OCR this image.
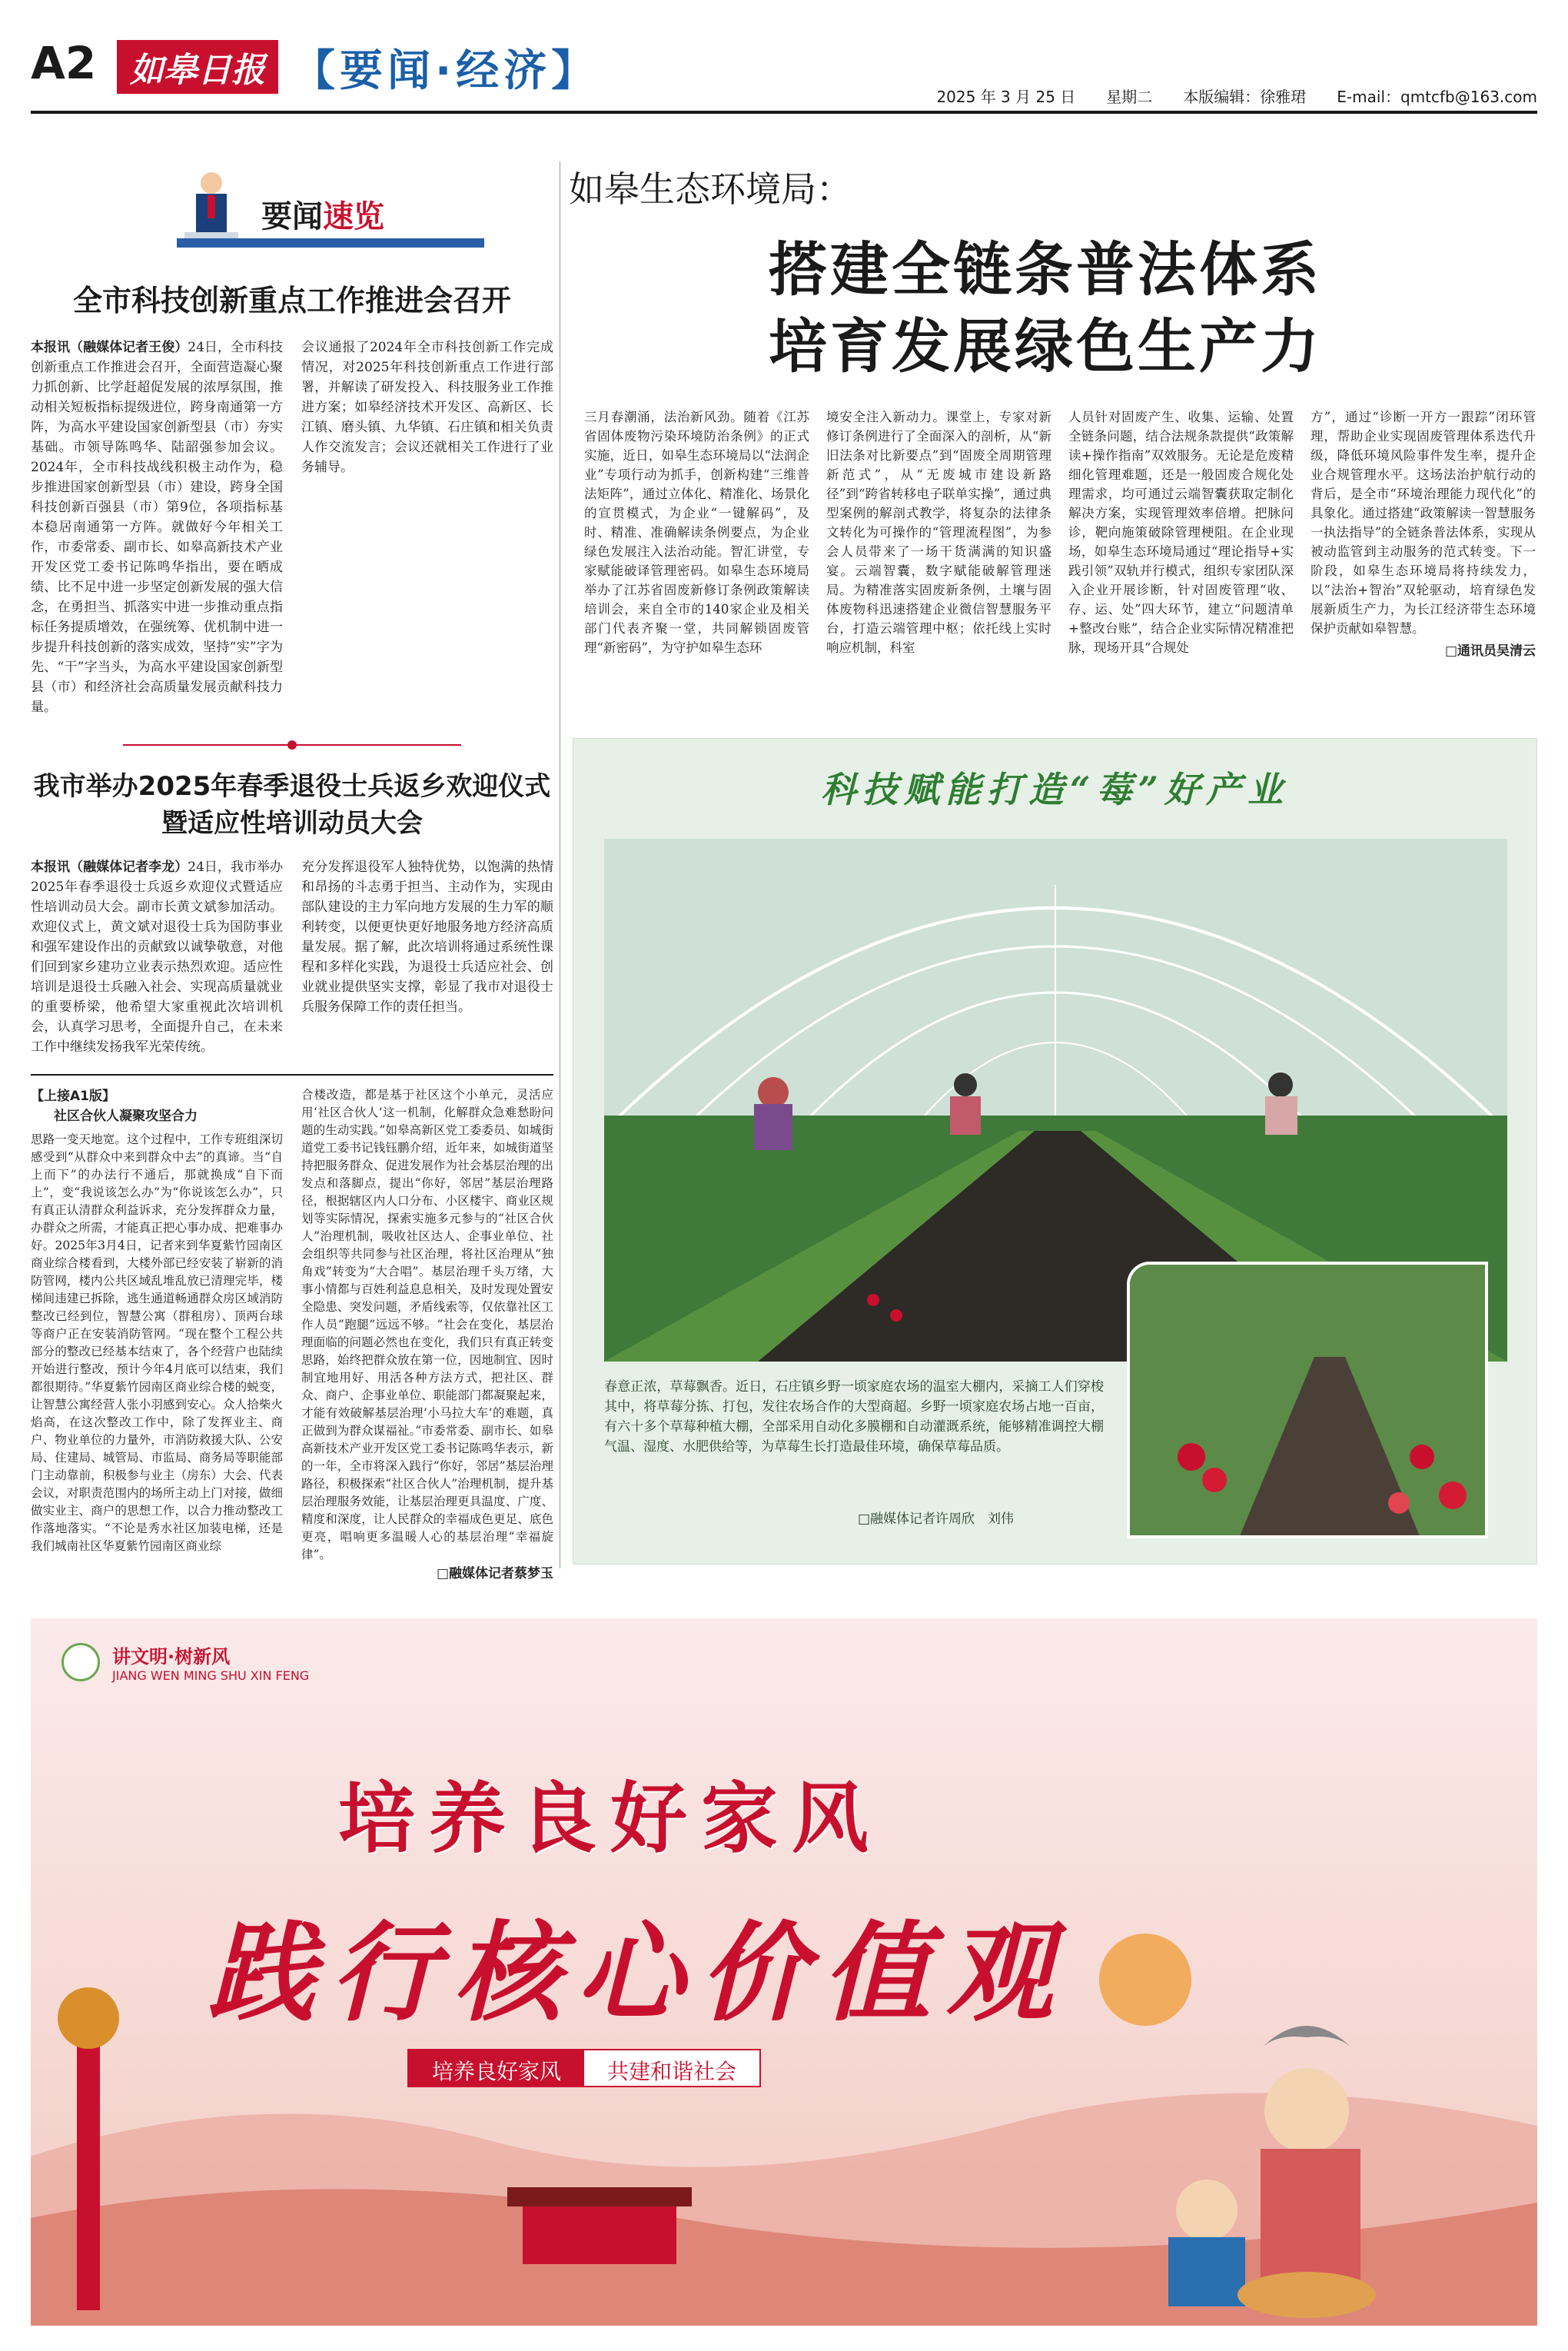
A2 如皋日报 【要闻·经济】
2025 年 3 月 25 日 星期二 本版编辑：徐雅珺 E-mail：qmtcfb@163.com
要闻速览
全市科技创新重点工作推进会召开

本报讯（融媒体记者王俊）24日，全市科技创新重点工作推进会召开，全面营造凝心聚力抓创新、比学赶超促发展的浓厚氛围，推动相关短板指标提级进位，跨身南通第一方阵，为高水平建设国家创新型县（市）夯实基础。市领导陈鸣华、陆韶强参加会议。2024年，全市科技战线积极主动作为，稳步推进国家创新型县（市）建设，跨身全国科技创新百强县（市）第9位，各项指标基本稳居南通第一方阵。就做好今年相关工作，市委常委、副市长、如皋高新技术产业开发区党工委书记陈鸣华指出，要在晒成绩、比不足中进一步坚定创新发展的强大信念，在勇担当、抓落实中进一步推动重点指标任务提质增效，在强统筹、优机制中进一步提升科技创新的落实成效，坚持“实”字为先、“干”字当头，为高水平建设国家创新型县（市）和经济社会高质量发展贡献科技力量。

会议通报了2024年全市科技创新工作完成情况，对2025年科技创新重点工作进行部署，并解读了研发投入、科技服务业工作推进方案；如皋经济技术开发区、高新区、长江镇、磨头镇、九华镇、石庄镇和相关负责人作交流发言；会议还就相关工作进行了业务辅导。

我市举办2025年春季退役士兵返乡欢迎仪式
暨适应性培训动员大会

本报讯（融媒体记者李龙）24日，我市举办2025年春季退役士兵返乡欢迎仪式暨适应性培训动员大会。副市长黄文斌参加活动。欢迎仪式上，黄文斌对退役士兵为国防事业和强军建设作出的贡献致以诚挚敬意，对他们回到家乡建功立业表示热烈欢迎。适应性培训是退役士兵融入社会、实现高质量就业的重要桥梁，他希望大家重视此次培训机会，认真学习思考，全面提升自己，在未来工作中继续发扬我军光荣传统。

充分发挥退役军人独特优势，以饱满的热情和昂扬的斗志勇于担当、主动作为，实现由部队建设的主力军向地方发展的生力军的顺利转变，以便更快更好地服务地方经济高质量发展。据了解，此次培训将通过系统性课程和多样化实践，为退役士兵适应社会、创业就业提供坚实支撑，彰显了我市对退役士兵服务保障工作的责任担当。

【上接A1版】
社区合伙人凝聚攻坚合力

思路一变天地宽。这个过程中，工作专班组深切感受到“从群众中来到群众中去”的真谛。当“自上而下”的办法行不通后，那就换成“自下而上”，变“我说该怎么办”为“你说该怎么办”，只有真正认清群众利益诉求，充分发挥群众力量，办群众之所需，才能真正把心事办成、把难事办好。2025年3月4日，记者来到华夏紫竹园南区商业综合楼看到，大楼外部已经安装了崭新的消防管网，楼内公共区域乱堆乱放已清理完毕，楼梯间违建已拆除，逃生通道畅通群众房区域消防整改已经到位，智慧公寓（群租房）、顶两台球等商户正在安装消防管网。“现在整个工程公共部分的整改已经基本结束了，各个经营户也陆续开始进行整改，预计今年4月底可以结束，我们都很期待。”华夏紫竹园南区商业综合楼的蜕变，让智慧公寓经营人张小羽感到安心。众人拾柴火焰高，在这次整改工作中，除了发挥业主、商户、物业单位的力量外，市消防救援大队、公安局、住建局、城管局、市监局、商务局等职能部门主动靠前，积极参与业主（房东）大会、代表会议，对职责范围内的场所主动上门对接，做细做实业主、商户的思想工作，以合力推动整改工作落地落实。“不论是秀水社区加装电梯，还是我们城南社区华夏紫竹园南区商业综

合楼改造，都是基于社区这个小单元，灵活应用‘社区合伙人’这一机制，化解群众急难愁盼问题的生动实践。”如皋高新区党工委委员、如城街道党工委书记钱钰鹏介绍，近年来，如城街道坚持把服务群众、促进发展作为社会基层治理的出发点和落脚点，提出“你好，邻居”基层治理路径，根据辖区内人口分布、小区楼宇、商业区规划等实际情况，探索实施多元参与的“社区合伙人”治理机制，吸收社区达人、企事业单位、社会组织等共同参与社区治理，将社区治理从“独角戏”转变为“大合唱”。基层治理千头万绪，大事小情都与百姓利益息息相关，及时发现处置安全隐患、突发问题，矛盾线索等，仅依靠社区工作人员“跑腿”远远不够。“社会在变化，基层治理面临的问题必然也在变化，我们只有真正转变思路，始终把群众放在第一位，因地制宜、因时制宜地用好、用活各种方法方式，把社区、群众、商户、企事业单位、职能部门都凝聚起来，才能有效破解基层治理‘小马拉大车’的难题，真正做到为群众谋福祉。”市委常委、副市长、如皋高新技术产业开发区党工委书记陈鸣华表示，新的一年，全市将深入践行“你好，邻居”基层治理路径，积极探索“社区合伙人”治理机制，提升基层治理服务效能，让基层治理更具温度、广度、精度和深度，让人民群众的幸福成色更足、底色更亮，唱响更多温暖人心的基层治理“幸福旋律”。

□融媒体记者蔡梦玉
如皋生态环境局：
搭建全链条普法体系
培育发展绿色生产力

三月春潮涌，法治新风劲。随着《江苏省固体废物污染环境防治条例》的正式实施，近日，如皋生态环境局以“法润企业”专项行动为抓手，创新构建“三维普法矩阵”，通过立体化、精准化、场景化的宣贯模式，为企业“一键解码”，及时、精准、准确解读条例要点，为企业绿色发展注入法治动能。智汇讲堂，专家赋能破译管理密码。如皋生态环境局举办了江苏省固废新修订条例政策解读培训会，来自全市的140家企业及相关部门代表齐聚一堂，共同解锁固废管理“新密码”，为守护如皋生态环

境安全注入新动力。课堂上，专家对新修订条例进行了全面深入的剖析，从“新旧法条对比新要点”到“固废全周期管理新范式”，从“无废城市建设新路径”到“跨省转移电子联单实操”，通过典型案例的解剖式教学，将复杂的法律条文转化为可操作的“管理流程图”，为参会人员带来了一场干货满满的知识盛宴。云端智囊，数字赋能破解管理迷局。为精准落实固废新条例，土壤与固体废物科迅速搭建企业微信智慧服务平台，打造云端管理中枢；依托线上实时响应机制，科室

人员针对固废产生、收集、运输、处置全链条问题，结合法规条款提供“政策解读+操作指南”双效服务。无论是危废精细化管理难题，还是一般固废合规化处理需求，均可通过云端智囊获取定制化解决方案，实现管理效率倍增。把脉问诊，靶向施策破除管理梗阻。在企业现场，如皋生态环境局通过“理论指导+实践引领”双轨并行模式，组织专家团队深入企业开展诊断，针对固废管理“收、存、运、处”四大环节，建立“问题清单+整改台账”，结合企业实际情况精准把脉，现场开具“合规处

方”，通过“诊断一开方一跟踪”闭环管理，帮助企业实现固废管理体系迭代升级，降低环境风险事件发生率，提升企业合规管理水平。这场法治护航行动的背后，是全市“环境治理能力现代化”的具象化。通过搭建“政策解读一智慧服务一执法指导”的全链条普法体系，实现从被动监管到主动服务的范式转变。下一阶段，如皋生态环境局将持续发力，以“法治+智治”双轮驱动，培育绿色发展新质生产力，为长江经济带生态环境保护贡献如皋智慧。

□通讯员吴清云
科技赋能打造“莓”好产业

春意正浓，草莓飘香。近日，石庄镇乡野一顷家庭农场的温室大棚内，采摘工人们穿梭其中，将草莓分拣、打包，发往农场合作的大型商超。乡野一顷家庭农场占地一百亩，有六十多个草莓种植大棚，全部采用自动化多膜棚和自动灌溉系统，能够精准调控大棚气温、湿度、水肥供给等，为草莓生长打造最佳环境，确保草莓品质。

□融媒体记者许周欣　刘伟
讲文明·树新风
JIANG WEN MING SHU XIN FENG
培养良好家风
践行核心价值观
培养良好家风	共建和谐社会
